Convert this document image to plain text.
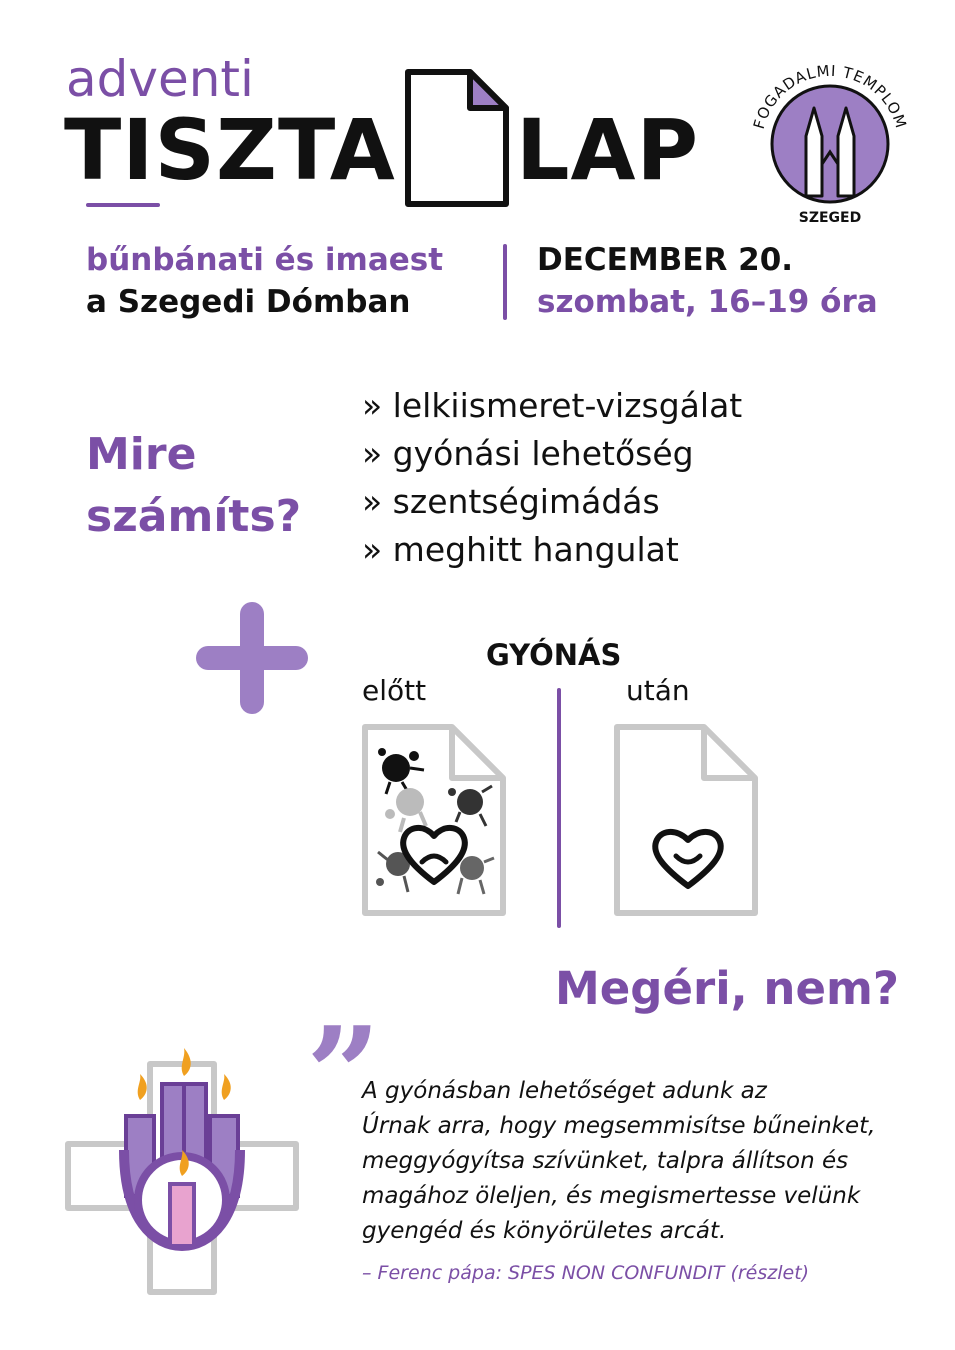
adventi
TISZTA LAP	FOGADALMI TEMPLOM
SZEGED
bűnbánati és imaest
a Szegedi Dómban
DECEMBER 20.
szombat, 16–19 óra
Mire
számíts?
» lelkiismeret-vizsgálat
» gyónási lehetőség
» szentségimádás
» meghitt hangulat
GYÓNÁS
előtt	után
Megéri, nem?
”
A gyónásban lehetőséget adunk az
Úrnak arra, hogy megsemmisítse bűneinket,
meggyógyítsa szívünket, talpra állítson és
magához öleljen, és megismertesse velünk
gyengéd és könyörületes arcát.
– Ferenc pápa: SPES NON CONFUNDIT (részlet)
